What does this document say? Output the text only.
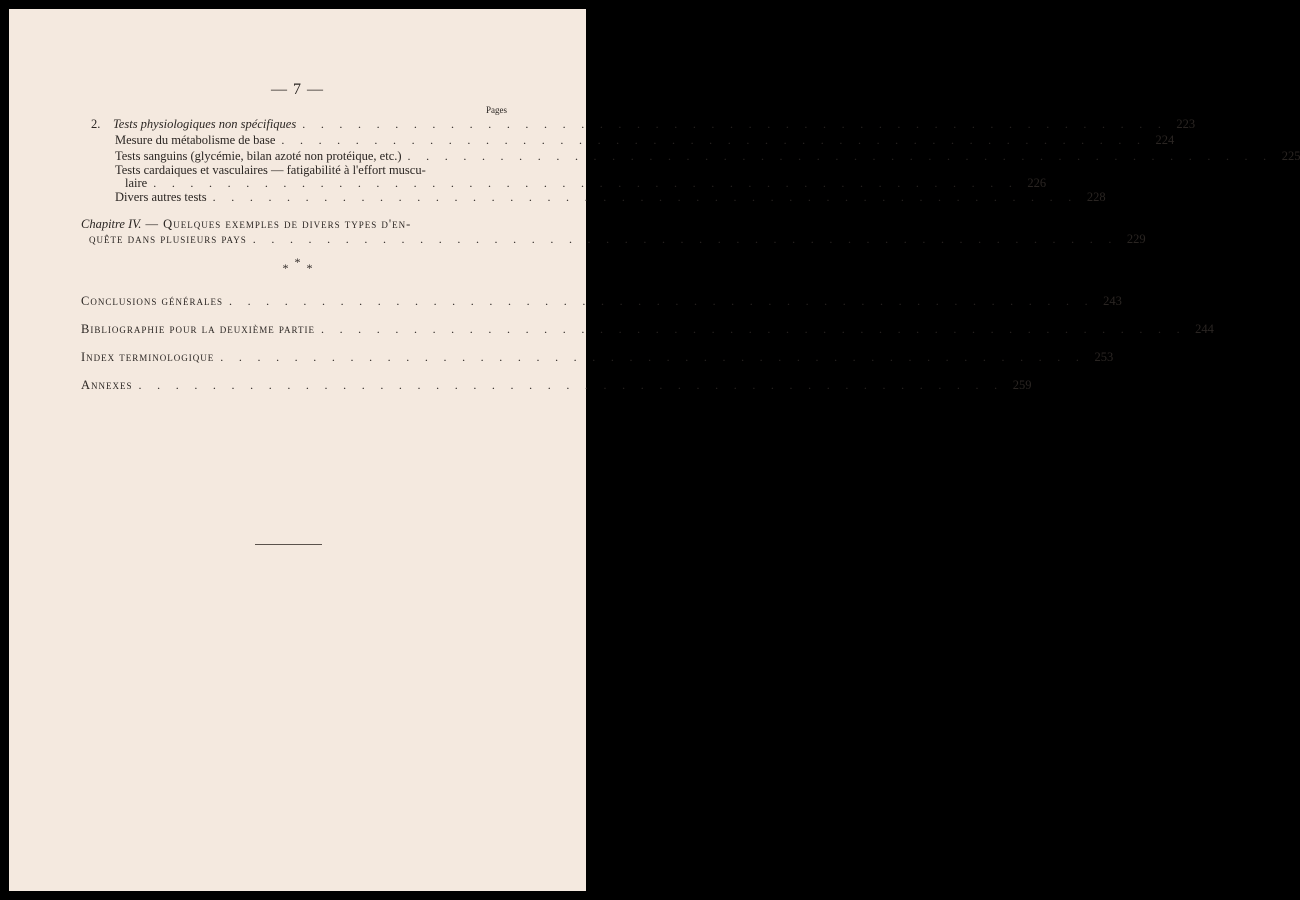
— 7 —
Pages
2.	Tests physiologiques non spécifiques . . . . . . . . . . . . . . . . . . . . . . . . . . . . . . . . . . . . . . . . . . . . . . . 223
Mesure du métabolisme de base . . . . . . . . . . . . . . . . . . . . . . . . . . . . . . . . . . . . . . . . . . . . . . . 224
Tests sanguins (glycémie, bilan azoté non protéique, etc.) . . . . . . . . . . . . . . . . . . . . . . . . . . . . . . . . . . . . . . . . . . . . . . . 225
Tests cardaiques et vasculaires — fatigabilité à l'effort muscu-
laire . . . . . . . . . . . . . . . . . . . . . . . . . . . . . . . . . . . . . . . . . . . . . . . 226
Divers autres tests . . . . . . . . . . . . . . . . . . . . . . . . . . . . . . . . . . . . . . . . . . . . . . . 228
Chapitre IV. — Quelques exemples de divers types d'en-
quête dans plusieurs pays . . . . . . . . . . . . . . . . . . . . . . . . . . . . . . . . . . . . . . . . . . . . . . . 229
* * *
Conclusions générales . . . . . . . . . . . . . . . . . . . . . . . . . . . . . . . . . . . . . . . . . . . . . . . 243
Bibliographie pour la deuxième partie . . . . . . . . . . . . . . . . . . . . . . . . . . . . . . . . . . . . . . . . . . . . . . . 244
Index terminologique . . . . . . . . . . . . . . . . . . . . . . . . . . . . . . . . . . . . . . . . . . . . . . . 253
Annexes . . . . . . . . . . . . . . . . . . . . . . . . . . . . . . . . . . . . . . . . . . . . . . . 259
